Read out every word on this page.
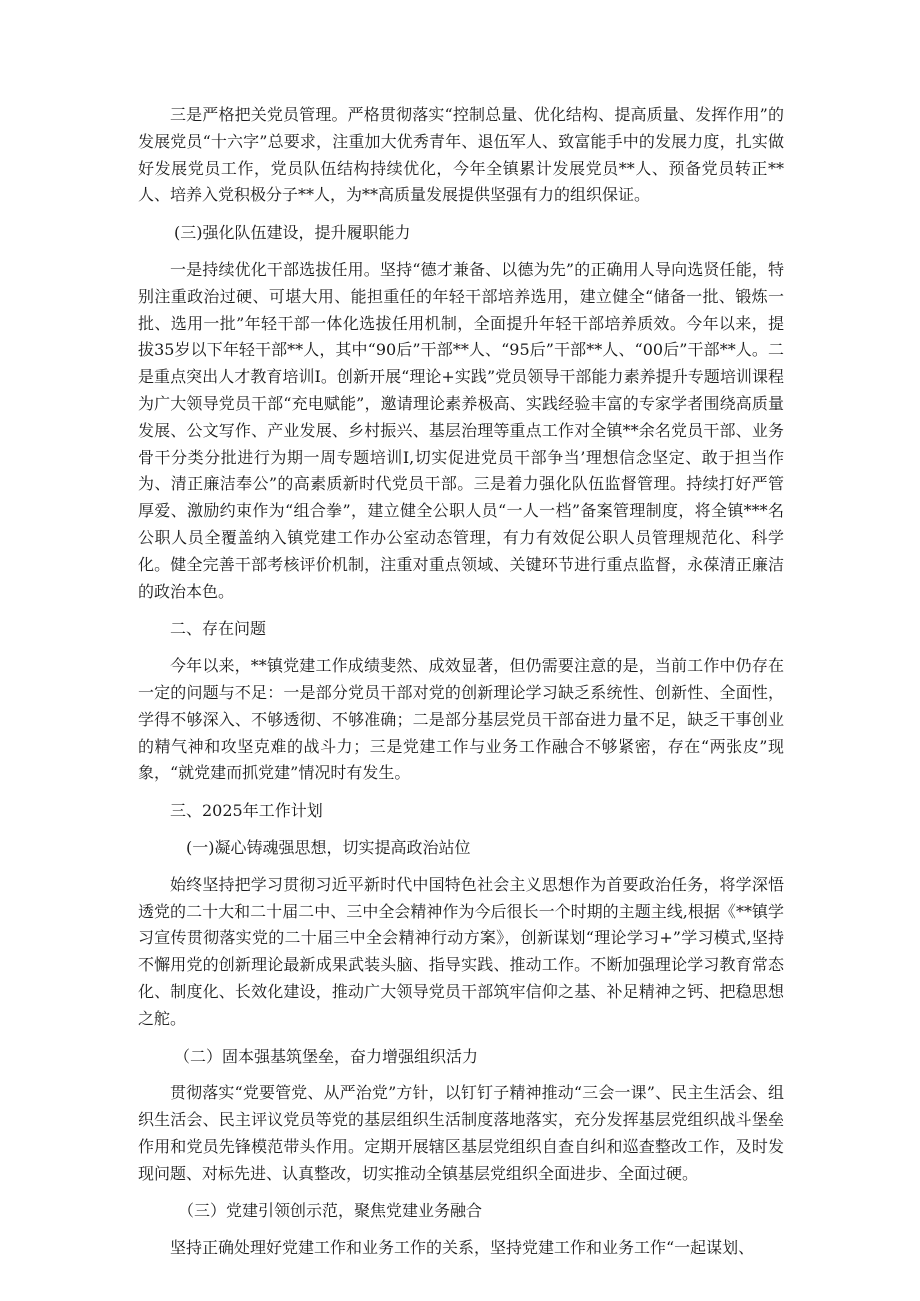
三是严格把关党员管理。严格贯彻落实“控制总量、优化结构、提高质量、发挥作用”的发展党员“十六字”总要求，注重加大优秀青年、退伍军人、致富能手中的发展力度，扎实做好发展党员工作，党员队伍结构持续优化，今年全镇累计发展党员**人、预备党员转正**人、培养入党积极分子**人，为**高质量发展提供坚强有力的组织保证。

(三)强化队伍建设，提升履职能力

一是持续优化干部选拔任用。坚持“德才兼备、以德为先”的正确用人导向选贤任能，特别注重政治过硬、可堪大用、能担重任的年轻干部培养选用，建立健全“储备一批、锻炼一批、选用一批”年轻干部一体化选拔任用机制，全面提升年轻干部培养质效。今年以来，提拔35岁以下年轻干部**人，其中“90后”干部**人、“95后”干部**人、“00后”干部**人。二是重点突出人才教育培训I。创新开展“理论+实践”党员领导干部能力素养提升专题培训课程为广大领导党员干部“充电赋能”，邀请理论素养极高、实践经验丰富的专家学者围绕高质量发展、公文写作、产业发展、乡村振兴、基层治理等重点工作对全镇**余名党员干部、业务骨干分类分批进行为期一周专题培训I,切实促进党员干部争当’理想信念坚定、敢于担当作为、清正廉洁奉公”的高素质新时代党员干部。三是着力强化队伍监督管理。持续打好严管厚爱、激励约束作为“组合拳”，建立健全公职人员“一人一档”备案管理制度，将全镇***名公职人员全覆盖纳入镇党建工作办公室动态管理，有力有效促公职人员管理规范化、科学化。健全完善干部考核评价机制，注重对重点领域、关键环节进行重点监督，永葆清正廉洁的政治本色。

二、存在问题

今年以来，**镇党建工作成绩斐然、成效显著，但仍需要注意的是，当前工作中仍存在一定的问题与不足：一是部分党员干部对党的创新理论学习缺乏系统性、创新性、全面性，学得不够深入、不够透彻、不够准确；二是部分基层党员干部奋进力量不足，缺乏干事创业的精气神和攻坚克难的战斗力；三是党建工作与业务工作融合不够紧密，存在“两张皮”现象，“就党建而抓党建”情况时有发生。

三、2025年工作计划

(一)凝心铸魂强思想，切实提高政治站位

始终坚持把学习贯彻习近平新时代中国特色社会主义思想作为首要政治任务，将学深悟透党的二十大和二十届二中、三中全会精神作为今后很长一个时期的主题主线,根据《**镇学习宣传贯彻落实党的二十届三中全会精神行动方案》，创新谋划“理论学习+”学习模式,坚持不懈用党的创新理论最新成果武装头脑、指导实践、推动工作。不断加强理论学习教育常态化、制度化、长效化建设，推动广大领导党员干部筑牢信仰之基、补足精神之钙、把稳思想之舵。

（二）固本强基筑堡垒，奋力增强组织活力

贯彻落实“党要管党、从严治党”方针，以钉钉子精神推动“三会一课”、民主生活会、组织生活会、民主评议党员等党的基层组织生活制度落地落实，充分发挥基层党组织战斗堡垒作用和党员先锋模范带头作用。定期开展辖区基层党组织自查自纠和巡查整改工作，及时发现问题、对标先进、认真整改，切实推动全镇基层党组织全面进步、全面过硬。

（三）党建引领创示范，聚焦党建业务融合

坚持正确处理好党建工作和业务工作的关系，坚持党建工作和业务工作“一起谋划、
